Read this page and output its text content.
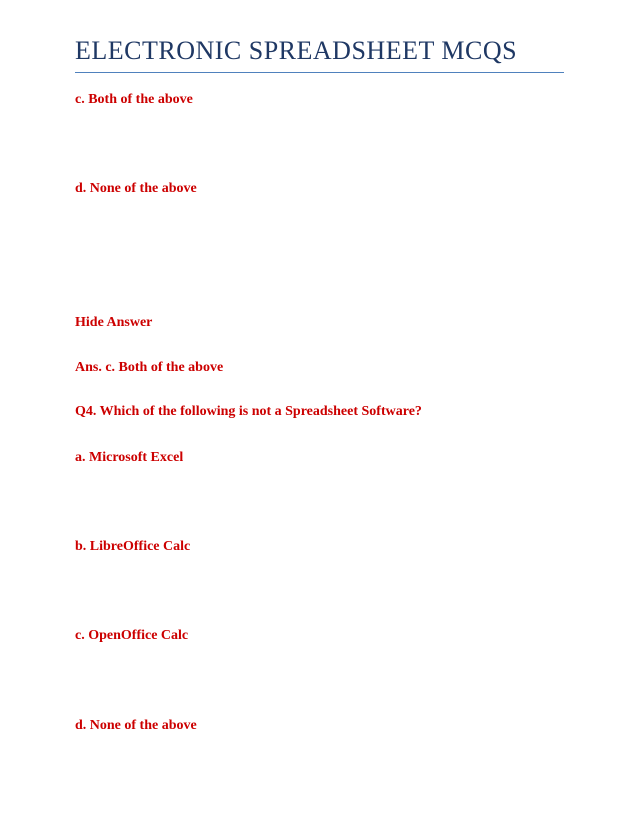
ELECTRONIC SPREADSHEET MCQS
c. Both of the above
d. None of the above
Hide Answer
Ans. c. Both of the above
Q4. Which of the following is not a Spreadsheet Software?
a. Microsoft Excel
b. LibreOffice Calc
c. OpenOffice Calc
d. None of the above
